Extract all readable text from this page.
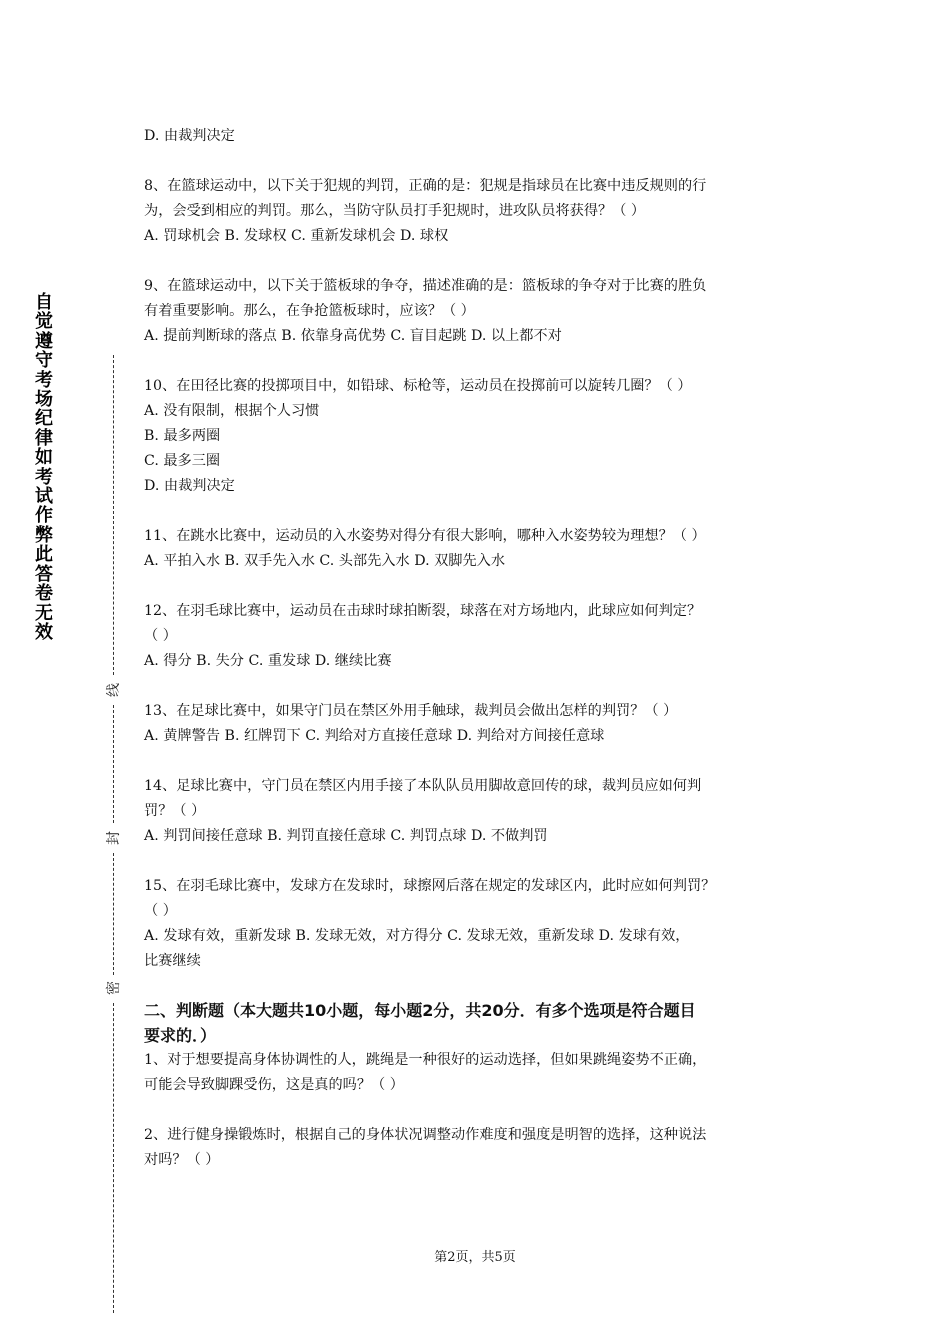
自
觉
遵
守
考
场
纪
律
如
考
试
作
弊
此
答
卷
无
效
线
封
密
D. 由裁判决定
8、在篮球运动中，以下关于犯规的判罚，正确的是：犯规是指球员在比赛中违反规则的行
为，会受到相应的判罚。那么，当防守队员打手犯规时，进攻队员将获得？（ ）
A. 罚球机会 B. 发球权 C. 重新发球机会 D. 球权
9、在篮球运动中，以下关于篮板球的争夺，描述准确的是：篮板球的争夺对于比赛的胜负
有着重要影响。那么，在争抢篮板球时，应该？（ ）
A. 提前判断球的落点 B. 依靠身高优势 C. 盲目起跳 D. 以上都不对
10、在田径比赛的投掷项目中，如铅球、标枪等，运动员在投掷前可以旋转几圈？（ ）
A. 没有限制，根据个人习惯
B. 最多两圈
C. 最多三圈
D. 由裁判决定
11、在跳水比赛中，运动员的入水姿势对得分有很大影响，哪种入水姿势较为理想？（ ）
A. 平拍入水 B. 双手先入水 C. 头部先入水 D. 双脚先入水
12、在羽毛球比赛中，运动员在击球时球拍断裂，球落在对方场地内，此球应如何判定？
（ ）
A. 得分 B. 失分 C. 重发球 D. 继续比赛
13、在足球比赛中，如果守门员在禁区外用手触球，裁判员会做出怎样的判罚？（ ）
A. 黄牌警告 B. 红牌罚下 C. 判给对方直接任意球 D. 判给对方间接任意球
14、足球比赛中，守门员在禁区内用手接了本队队员用脚故意回传的球，裁判员应如何判
罚？（ ）
A. 判罚间接任意球 B. 判罚直接任意球 C. 判罚点球 D. 不做判罚
15、在羽毛球比赛中，发球方在发球时，球擦网后落在规定的发球区内，此时应如何判罚？
（ ）
A. 发球有效，重新发球 B. 发球无效，对方得分 C. 发球无效，重新发球 D. 发球有效，
比赛继续
二、判断题（本大题共10小题，每小题2分，共20分．有多个选项是符合题目
要求的．）
1、对于想要提高身体协调性的人，跳绳是一种很好的运动选择，但如果跳绳姿势不正确，
可能会导致脚踝受伤，这是真的吗？（ ）
2、进行健身操锻炼时，根据自己的身体状况调整动作难度和强度是明智的选择，这种说法
对吗？（ ）
第2页，共5页
